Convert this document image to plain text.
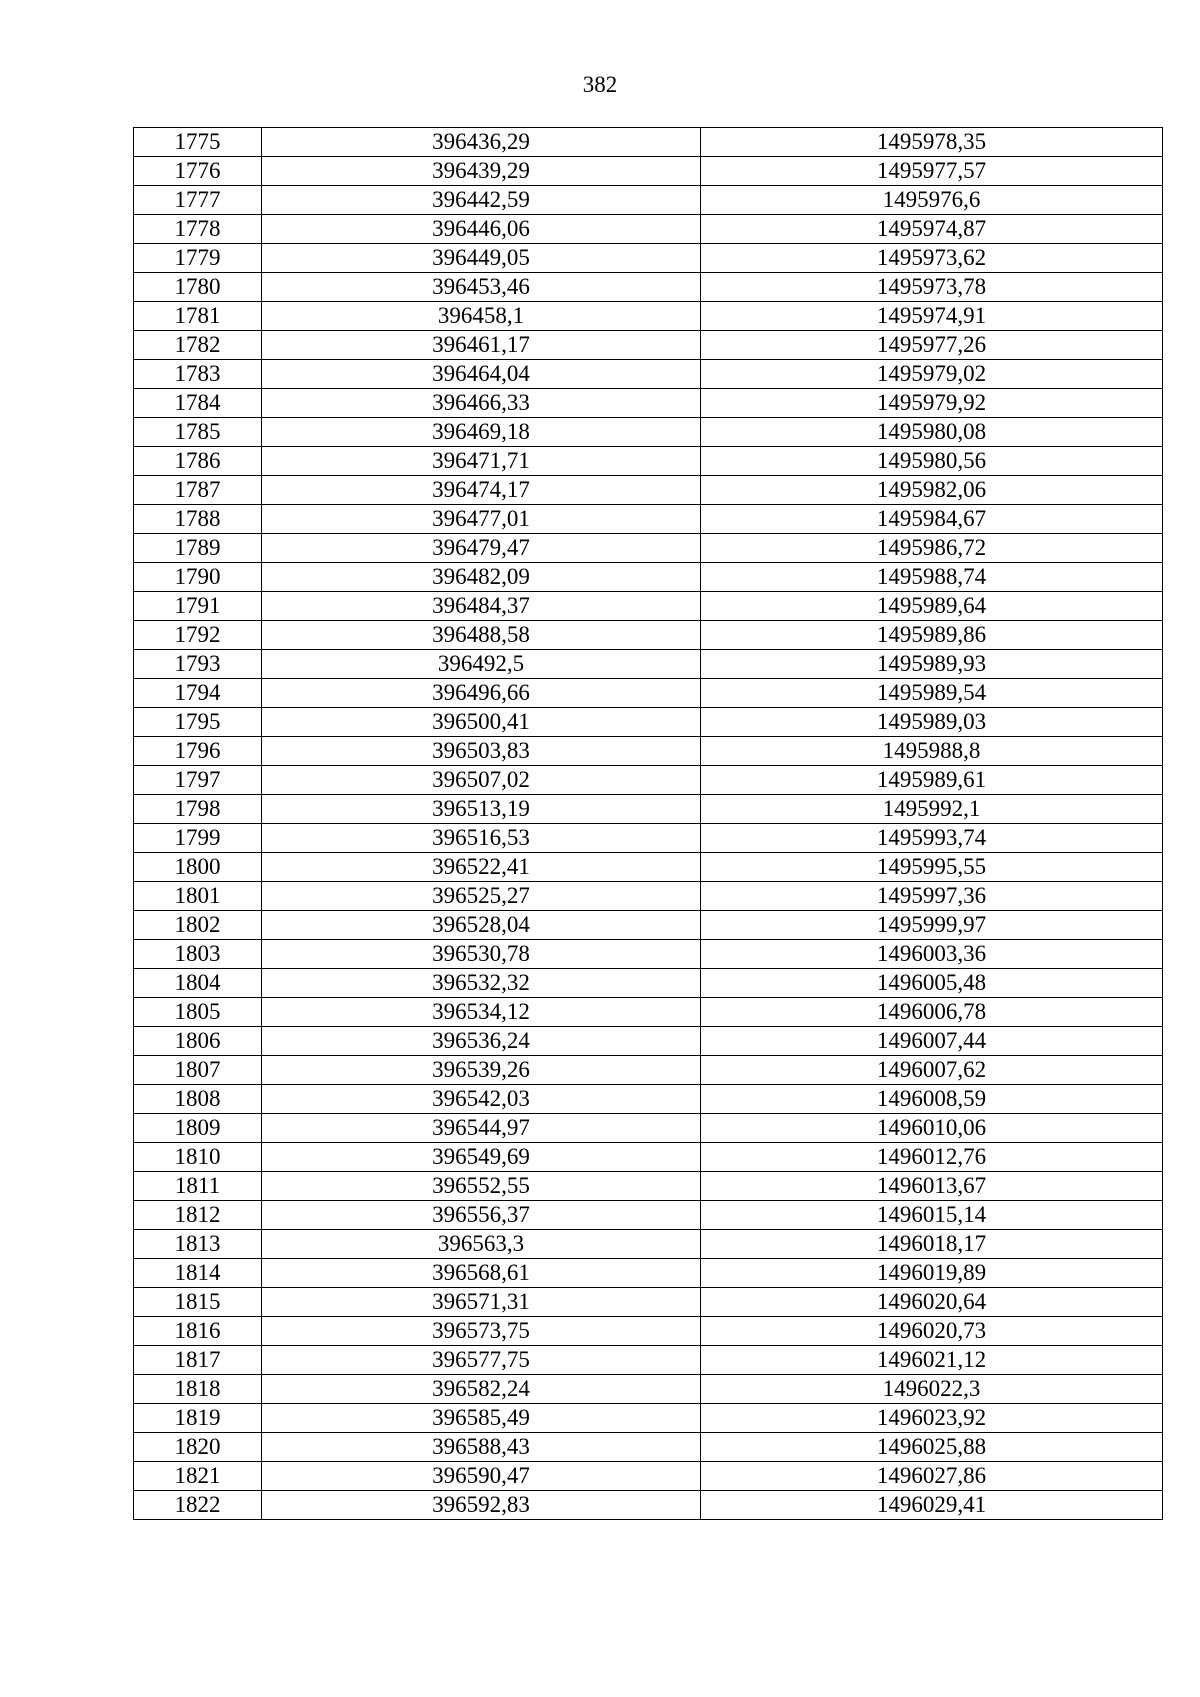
382
1775	396436,29	1495978,35
1776	396439,29	1495977,57
1777	396442,59	1495976,6
1778	396446,06	1495974,87
1779	396449,05	1495973,62
1780	396453,46	1495973,78
1781	396458,1	1495974,91
1782	396461,17	1495977,26
1783	396464,04	1495979,02
1784	396466,33	1495979,92
1785	396469,18	1495980,08
1786	396471,71	1495980,56
1787	396474,17	1495982,06
1788	396477,01	1495984,67
1789	396479,47	1495986,72
1790	396482,09	1495988,74
1791	396484,37	1495989,64
1792	396488,58	1495989,86
1793	396492,5	1495989,93
1794	396496,66	1495989,54
1795	396500,41	1495989,03
1796	396503,83	1495988,8
1797	396507,02	1495989,61
1798	396513,19	1495992,1
1799	396516,53	1495993,74
1800	396522,41	1495995,55
1801	396525,27	1495997,36
1802	396528,04	1495999,97
1803	396530,78	1496003,36
1804	396532,32	1496005,48
1805	396534,12	1496006,78
1806	396536,24	1496007,44
1807	396539,26	1496007,62
1808	396542,03	1496008,59
1809	396544,97	1496010,06
1810	396549,69	1496012,76
1811	396552,55	1496013,67
1812	396556,37	1496015,14
1813	396563,3	1496018,17
1814	396568,61	1496019,89
1815	396571,31	1496020,64
1816	396573,75	1496020,73
1817	396577,75	1496021,12
1818	396582,24	1496022,3
1819	396585,49	1496023,92
1820	396588,43	1496025,88
1821	396590,47	1496027,86
1822	396592,83	1496029,41
